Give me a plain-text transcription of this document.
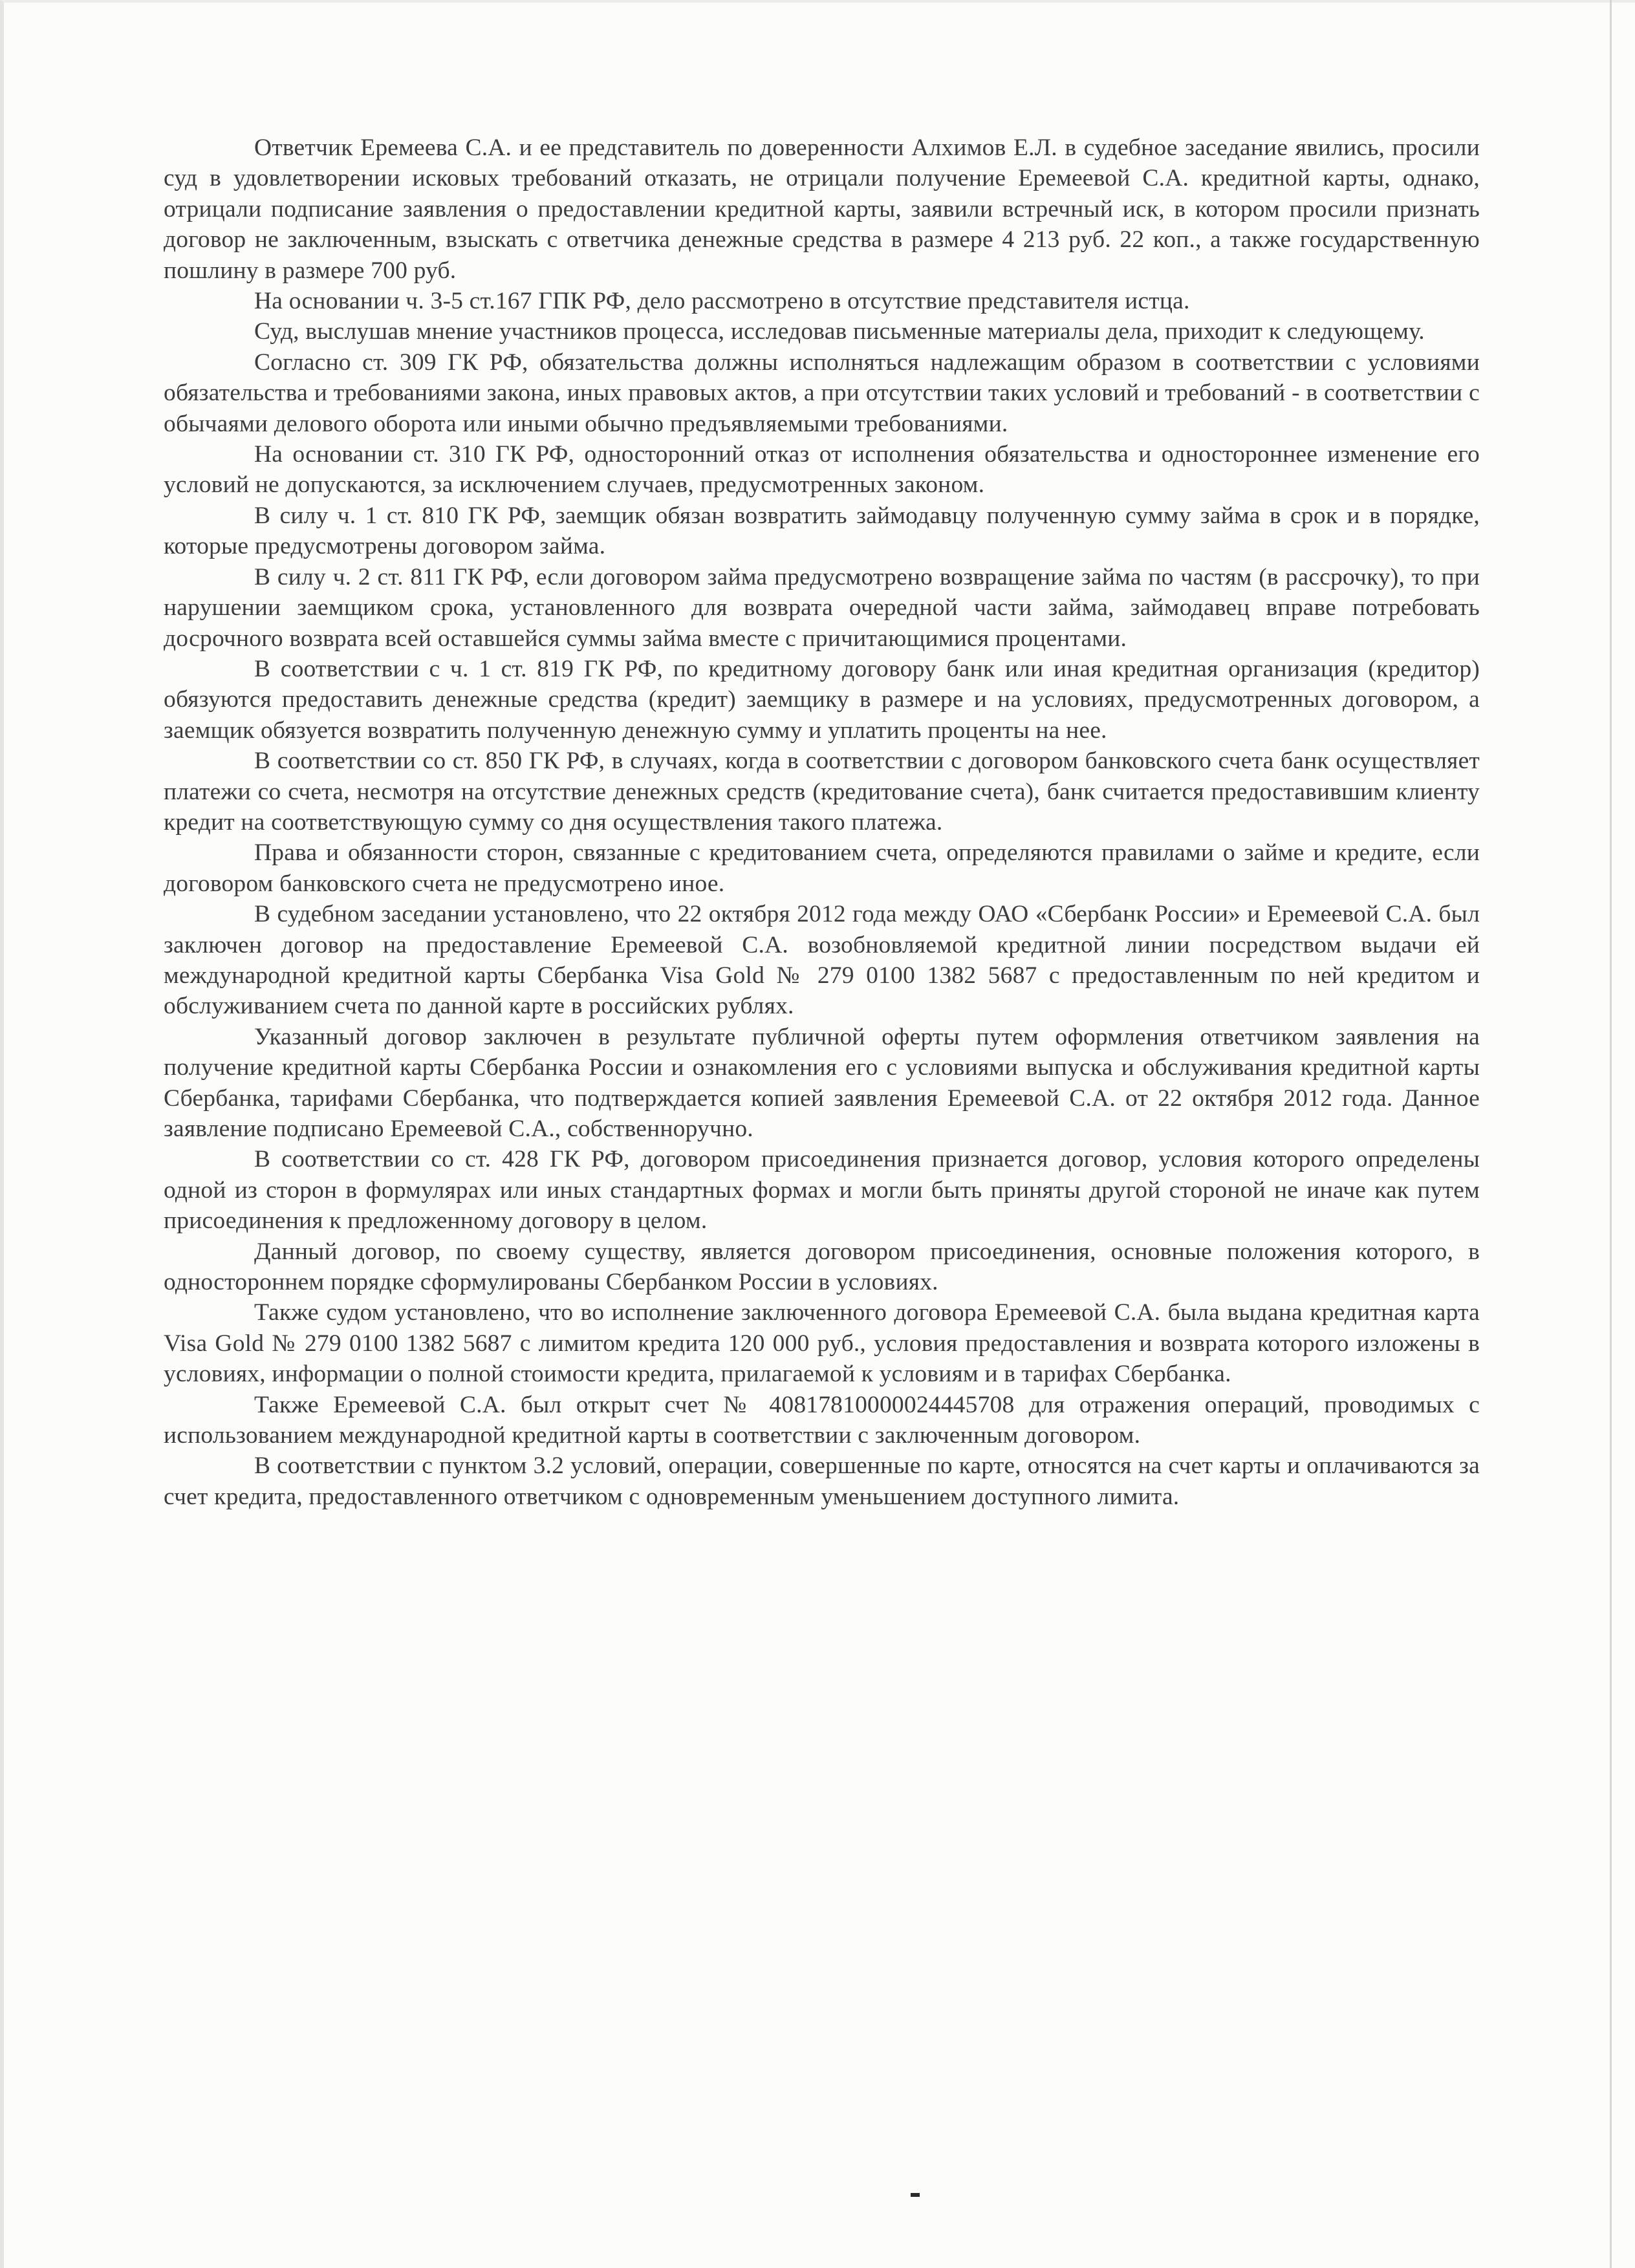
Ответчик Еремеева С.А. и ее представитель по доверенности Алхимов Е.Л. в судебное заседание явились, просили суд в удовлетворении исковых требований отказать, не отрицали получение Еремеевой С.А. кредитной карты, однако, отрицали подписание заявления о предоставлении кредитной карты, заявили встречный иск, в котором просили признать договор не заключенным, взыскать с ответчика денежные средства в размере 4 213 руб. 22 коп., а также государственную пошлину в размере 700 руб.

На основании ч. 3-5 ст.167 ГПК РФ, дело рассмотрено в отсутствие представителя истца.

Суд, выслушав мнение участников процесса, исследовав письменные материалы дела, приходит к следующему.

Согласно ст. 309 ГК РФ, обязательства должны исполняться надлежащим образом в соответствии с условиями обязательства и требованиями закона, иных правовых актов, а при отсутствии таких условий и требований - в соответствии с обычаями делового оборота или иными обычно предъявляемыми требованиями.

На основании ст. 310 ГК РФ, односторонний отказ от исполнения обязательства и одностороннее изменение его условий не допускаются, за исключением случаев, предусмотренных законом.

В силу ч. 1 ст. 810 ГК РФ, заемщик обязан возвратить займодавцу полученную сумму займа в срок и в порядке, которые предусмотрены договором займа.

В силу ч. 2 ст. 811 ГК РФ, если договором займа предусмотрено возвращение займа по частям (в рассрочку), то при нарушении заемщиком срока, установленного для возврата очередной части займа, займодавец вправе потребовать досрочного возврата всей оставшейся суммы займа вместе с причитающимися процентами.

В соответствии с ч. 1 ст. 819 ГК РФ, по кредитному договору банк или иная кредитная организация (кредитор) обязуются предоставить денежные средства (кредит) заемщику в размере и на условиях, предусмотренных договором, а заемщик обязуется возвратить полученную денежную сумму и уплатить проценты на нее.

В соответствии со ст. 850 ГК РФ, в случаях, когда в соответствии с договором банковского счета банк осуществляет платежи со счета, несмотря на отсутствие денежных средств (кредитование счета), банк считается предоставившим клиенту кредит на соответствующую сумму со дня осуществления такого платежа.

Права и обязанности сторон, связанные с кредитованием счета, определяются правилами о займе и кредите, если договором банковского счета не предусмотрено иное.

В судебном заседании установлено, что 22 октября 2012 года между ОАО «Сбербанк России» и Еремеевой С.А. был заключен договор на предоставление Еремеевой С.А. возобновляемой кредитной линии посредством выдачи ей международной кредитной карты Сбербанка Visa Gold № 279 0100 1382 5687 с предоставленным по ней кредитом и обслуживанием счета по данной карте в российских рублях.

Указанный договор заключен в результате публичной оферты путем оформления ответчиком заявления на получение кредитной карты Сбербанка России и ознакомления его с условиями выпуска и обслуживания кредитной карты Сбербанка, тарифами Сбербанка, что подтверждается копией заявления Еремеевой С.А. от 22 октября 2012 года. Данное заявление подписано Еремеевой С.А., собственноручно.

В соответствии со ст. 428 ГК РФ, договором присоединения признается договор, условия которого определены одной из сторон в формулярах или иных стандартных формах и могли быть приняты другой стороной не иначе как путем присоединения к предложенному договору в целом.

Данный договор, по своему существу, является договором присоединения, основные положения которого, в одностороннем порядке сформулированы Сбербанком России в условиях.

Также судом установлено, что во исполнение заключенного договора Еремеевой С.А. была выдана кредитная карта Visa Gold № 279 0100 1382 5687 с лимитом кредита 120 000 руб., условия предоставления и возврата которого изложены в условиях, информации о полной стоимости кредита, прилагаемой к условиям и в тарифах Сбербанка.

Также Еремеевой С.А. был открыт счет № 40817810000024445708 для отражения операций, проводимых с использованием международной кредитной карты в соответствии с заключенным договором.

В соответствии с пунктом 3.2 условий, операции, совершенные по карте, относятся на счет карты и оплачиваются за счет кредита, предоставленного ответчиком с одновременным уменьшением доступного лимита.
